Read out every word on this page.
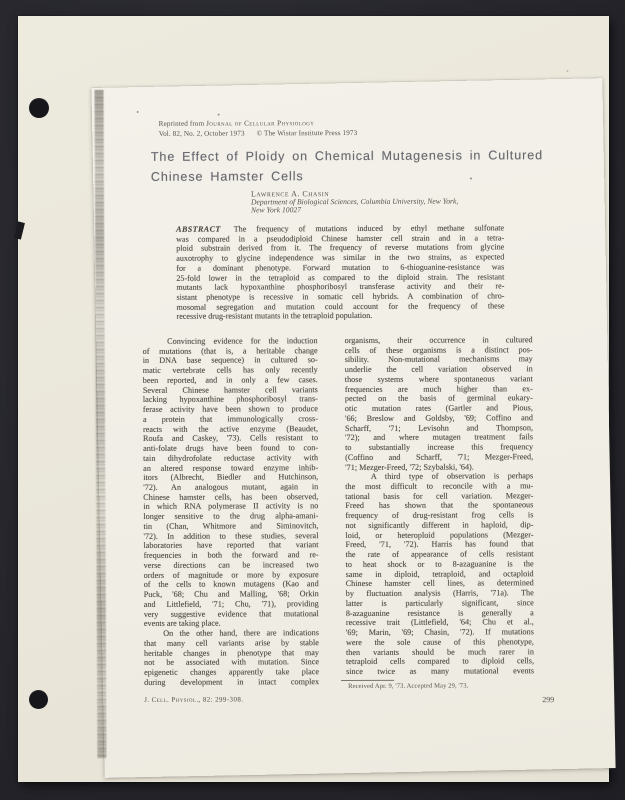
Reprinted from Journal of Cellular Physiology
Vol. 82, No. 2, October 1973 © The Wistar Institute Press 1973
The Effect of Ploidy on Chemical Mutagenesis in Cultured
Chinese Hamster Cells
Lawrence A. Chasin
Department of Biological Sciences, Columbia University, New York,
New York 10027
ABSTRACT The frequency of mutations induced by ethyl methane sulfonate
was compared in a pseudodiploid Chinese hamster cell strain and in a tetra-
ploid substrain derived from it. The frequency of reverse mutations from glycine
auxotrophy to glycine independence was similar in the two strains, as expected
for a dominant phenotype. Forward mutation to 6-thioguanine-resistance was
25-fold lower in the tetraploid as compared to the diploid strain. The resistant
mutants lack hypoxanthine phosphoribosyl transferase activity and their re-
sistant phenotype is recessive in somatic cell hybrids. A combination of chro-
mosomal segregation and mutation could account for the frequency of these
recessive drug-resistant mutants in the tetraploid population.
Convincing evidence for the induction
of mutations (that is, a heritable change
in DNA base sequence) in cultured so-
matic vertebrate cells has only recently
been reported, and in only a few cases.
Several Chinese hamster cell variants
lacking hypoxanthine phosphoribosyl trans-
ferase activity have been shown to produce
a protein that immunologically cross-
reacts with the active enzyme (Beaudet,
Roufa and Caskey, '73). Cells resistant to
anti-folate drugs have been found to con-
tain dihydrofolate reductase activity with
an altered response toward enzyme inhib-
itors (Albrecht, Biedler and Hutchinson,
'72). An analogous mutant, again in
Chinese hamster cells, has been observed,
in which RNA polymerase II activity is no
longer sensitive to the drug alpha-amani-
tin (Chan, Whitmore and Siminovitch,
'72). In addition to these studies, several
laboratories have reported that variant
frequencies in both the forward and re-
verse directions can be increased two
orders of magnitude or more by exposure
of the cells to known mutagens (Kao and
Puck, '68; Chu and Malling, '68; Orkin
and Littlefield, '71; Chu, '71), providing
very suggestive evidence that mutational
events are taking place.
On the other hand, there are indications
that many cell variants arise by stable
heritable changes in phenotype that may
not be associated with mutation. Since
epigenetic changes apparently take place
during development in intact complex
organisms, their occurrence in cultured
cells of these organisms is a distinct pos-
sibility. Non-mutational mechanisms may
underlie the cell variation observed in
those systems where spontaneous variant
frequencies are much higher than ex-
pected on the basis of germinal eukary-
otic mutation rates (Gartler and Pious,
'66; Breslow and Goldsby, '69; Coffino and
Scharff, '71; Levisohn and Thompson,
'72); and where mutagen treatment fails
to substantially increase this frequency
(Coffino and Scharff, '71; Mezger-Freed,
'71; Mezger-Freed, '72; Szybalski, '64).
A third type of observation is perhaps
the most difficult to reconcile with a mu-
tational basis for cell variation. Mezger-
Freed has shown that the spontaneous
frequency of drug-resistant frog cells is
not significantly different in haploid, dip-
loid, or heteroploid populations (Mezger-
Freed, '71, '72). Harris has found that
the rate of appearance of cells resistant
to heat shock or to 8-azaguanine is the
same in diploid, tetraploid, and octaploid
Chinese hamster cell lines, as determined
by fluctuation analysis (Harris, '71a). The
latter is particularly significant, since
8-azaguanine resistance is generally a
recessive trait (Littlefield, '64; Chu et al.,
'69; Marin, '69; Chasin, '72). If mutations
were the sole cause of this phenotype,
then variants should be much rarer in
tetraploid cells compared to diploid cells,
since twice as many mutational events
Received Apr. 9, '73. Accepted May 29, '73.
J. Cell. Physiol., 82: 299-308.	299
